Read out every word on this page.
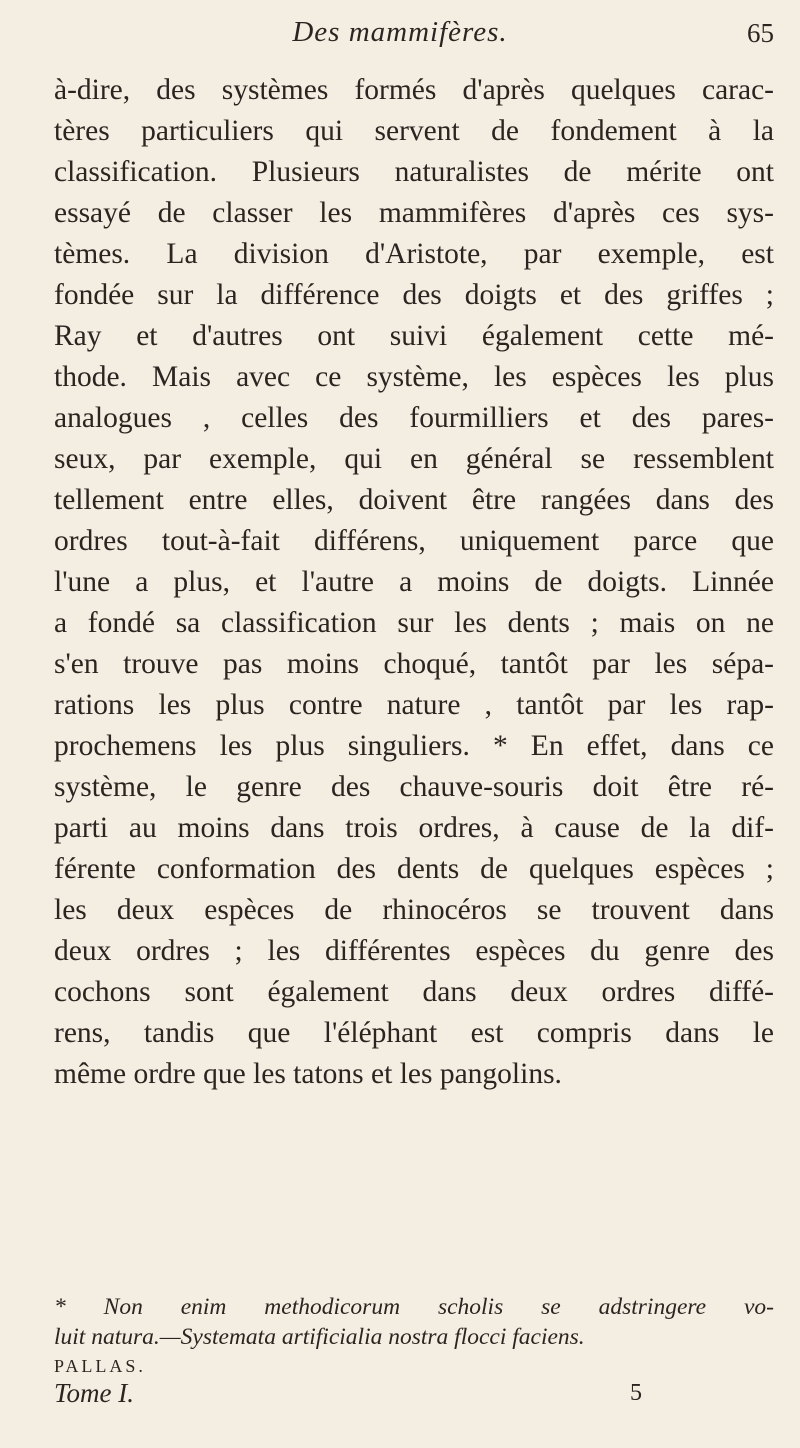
Des mammifères.	65
à-dire, des systèmes formés d'après quelques carac-
tères particuliers qui servent de fondement à la
classification. Plusieurs naturalistes de mérite ont
essayé de classer les mammifères d'après ces sys-
tèmes. La division d'Aristote, par exemple, est
fondée sur la différence des doigts et des griffes ;
Ray et d'autres ont suivi également cette mé-
thode. Mais avec ce système, les espèces les plus
analogues , celles des fourmilliers et des pares-
seux, par exemple, qui en général se ressemblent
tellement entre elles, doivent être rangées dans des
ordres tout-à-fait différens, uniquement parce que
l'une a plus, et l'autre a moins de doigts. Linnée
a fondé sa classification sur les dents ; mais on ne
s'en trouve pas moins choqué, tantôt par les sépa-
rations les plus contre nature , tantôt par les rap-
prochemens les plus singuliers. * En effet, dans ce
système, le genre des chauve-souris doit être ré-
parti au moins dans trois ordres, à cause de la dif-
férente conformation des dents de quelques espèces ;
les deux espèces de rhinocéros se trouvent dans
deux ordres ; les différentes espèces du genre des
cochons sont également dans deux ordres diffé-
rens, tandis que l'éléphant est compris dans le
même ordre que les tatons et les pangolins.
* Non enim methodicorum scholis se adstringere vo-
luit natura.—Systemata artificialia nostra flocci faciens.
PALLAS.
Tome I.	5
